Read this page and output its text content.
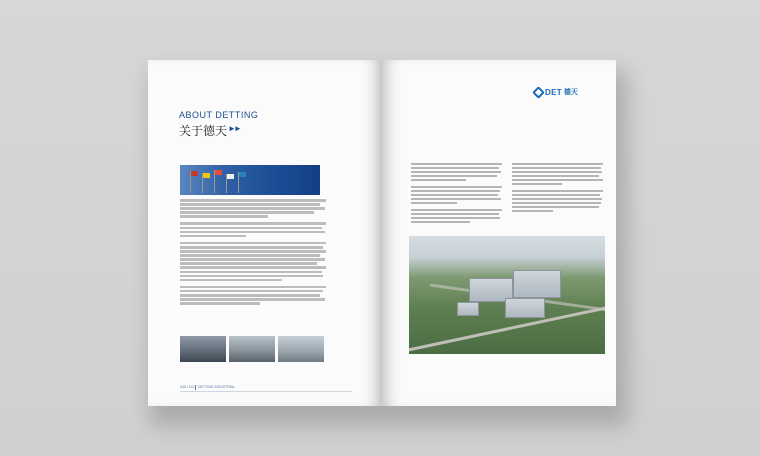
ABOUT DETTING
关于德天 ►►
046 / 110 DETTING INDUSTRIAL
DET 德天
